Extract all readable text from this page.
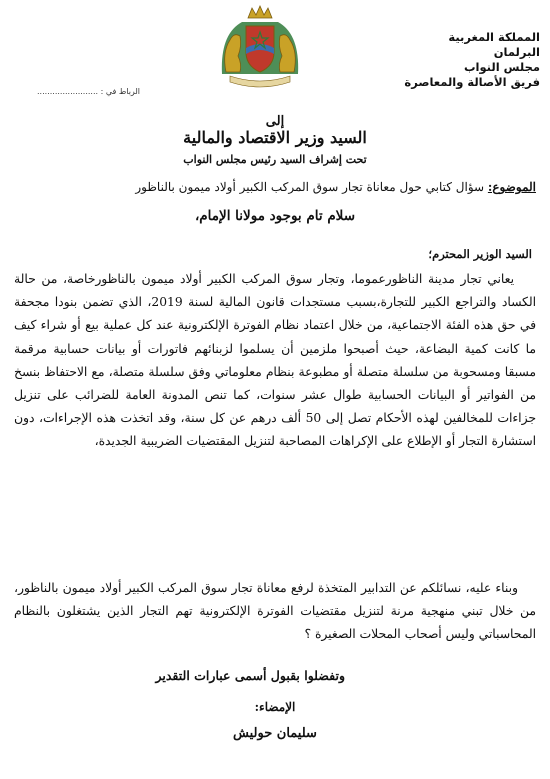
المملكة المغربية
البرلمان
مجلس النواب
فريق الأصالة والمعاصرة
الرباط في : ........................
إلى
السيد وزير الاقتصاد والمالية
تحت إشراف السيد رئيس مجلس النواب
الموضوع: سؤال كتابي حول معاناة تجار سوق المركب الكبير أولاد ميمون بالناظور
سلام تام بوجود مولانا الإمام،
السيد الوزير المحترم؛
يعاني تجار مدينة الناظورعموما، وتجار سوق المركب الكبير أولاد ميمون بالناظورخاصة، من حالة الكساد والتراجع الكبير للتجارة،بسبب مستجدات قانون المالية لسنة 2019، الذي تضمن بنودا مجحفة في حق هذه الفئة الاجتماعية، من خلال اعتماد نظام الفوترة الإلكترونية عند كل عملية بيع أو شراء كيف ما كانت كمية البضاعة، حيث أصبحوا ملزمين أن يسلموا لزبنائهم فاتورات أو بيانات حسابية مرقمة مسبقا ومسحوبة من سلسلة متصلة أو مطبوعة بنظام معلوماتي وفق سلسلة متصلة، مع الاحتفاظ بنسخ من الفواتير أو البيانات الحسابية طوال عشر سنوات، كما تنص المدونة العامة للضرائب على تنزيل جزاءات للمخالفين لهذه الأحكام تصل إلى 50 ألف درهم عن كل سنة، وقد اتخذت هذه الإجراءات، دون استشارة التجار أو الإطلاع على الإكراهات المصاحبة لتنزيل المقتضيات الضريبية الجديدة،
وبناء عليه، نسائلكم عن التدابير المتخذة لرفع معاناة تجار سوق المركب الكبير أولاد ميمون بالناظور، من خلال تبني منهجية مرنة لتنزيل مقتضيات الفوترة الإلكترونية تهم التجار الذين يشتغلون بالنظام المحاسباتي وليس أصحاب المحلات الصغيرة ؟
وتفضلوا بقبول أسمى عبارات التقدير
الإمضاء:
سليمان حوليش
